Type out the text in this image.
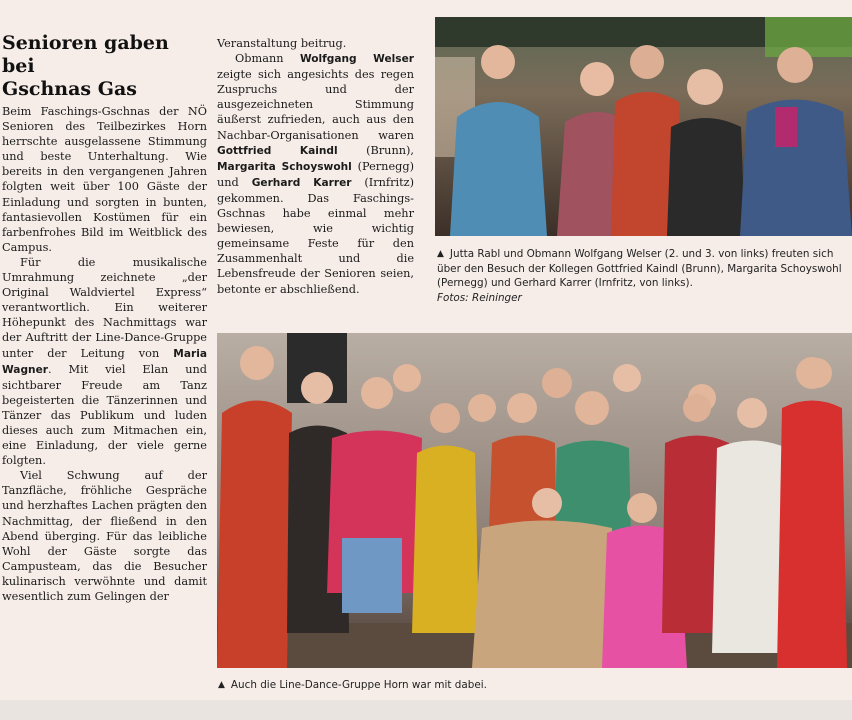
Senioren gaben bei
Gschnas Gas

Beim Faschings-Gschnas der NÖ Senioren des Teilbezirkes Horn herrschte ausgelassene Stimmung und beste Unterhaltung. Wie bereits in den vergangenen Jahren folgten weit über 100 Gäste der Einladung und sorgten in bunten, fantasievollen Kostümen für ein farbenfrohes Bild im Weitblick des Campus.

Für die musikalische Umrahmung zeichnete „der Original Waldviertel Express“ verantwortlich. Ein weiterer Höhepunkt des Nachmittags war der Auftritt der Line-Dance-Gruppe unter der Leitung von Maria Wagner. Mit viel Elan und sichtbarer Freude am Tanz begeisterten die Tänzerinnen und Tänzer das Publikum und luden dieses auch zum Mitmachen ein, eine Einladung, der viele gerne folgten.

Viel Schwung auf der Tanzfläche, fröhliche Gespräche und herzhaftes Lachen prägten den Nachmittag, der fließend in den Abend überging. Für das leibliche Wohl der Gäste sorgte das Campusteam, das die Besucher kulinarisch verwöhnte und damit wesentlich zum Gelingen der

Veranstaltung beitrug.

Obmann Wolfgang Welser zeigte sich angesichts des regen Zuspruchs und der ausgezeichneten Stimmung äußerst zufrieden, auch aus den Nachbar-Organisationen waren Gottfried Kaindl	(Brunn), Margarita Schoyswohl (Pernegg) und Gerhard Karrer (Irnfritz) gekommen. Das Faschings-Gschnas habe einmal mehr bewiesen, wie wichtig gemeinsame Feste für den Zusammenhalt und die Lebensfreude der Senioren seien, betonte er abschließend.

▲ Jutta Rabl und Obmann Wolfgang Welser (2. und 3. von links) freuten sich über den Besuch der Kollegen Gottfried Kaindl (Brunn), Margarita Schoyswohl (Pernegg) und Gerhard Karrer (Irnfritz, von links).
Fotos: Reininger
▲ Auch die Line-Dance-Gruppe Horn war mit dabei.
